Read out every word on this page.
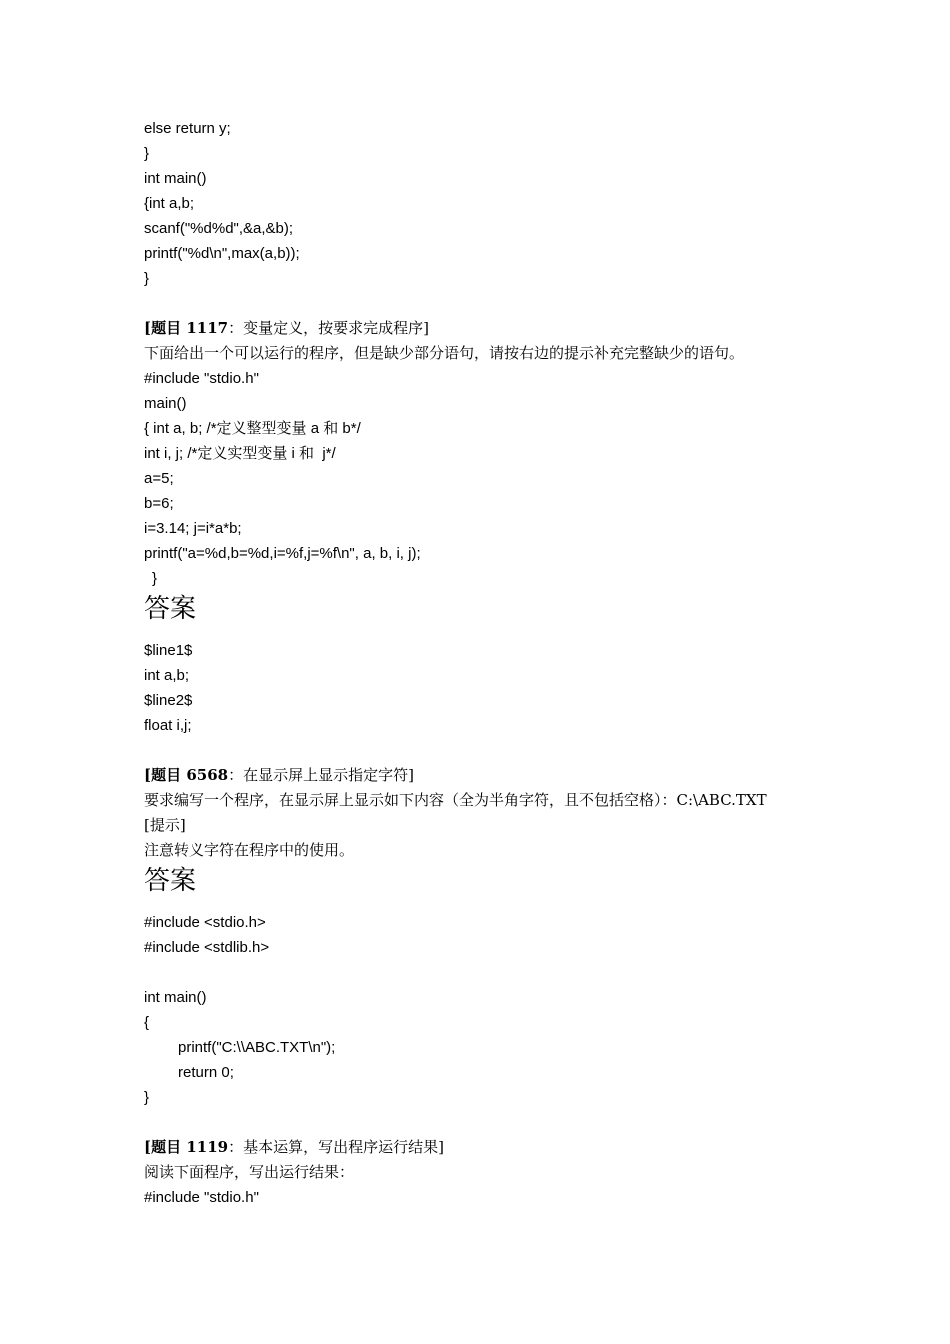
else return y;
}
int main()
{int a,b;
scanf("%d%d",&a,&b);
printf("%d\n",max(a,b));
}
[题目 1117：变量定义，按要求完成程序]
下面给出一个可以运行的程序，但是缺少部分语句，请按右边的提示补充完整缺少的语句。
#include "stdio.h"
main()
{ int a, b; /*定义整型变量 a 和 b*/
int i, j; /*定义实型变量 i 和  j*/
a=5;
b=6;
i=3.14; j=i*a*b;
printf("a=%d,b=%d,i=%f,j=%f\n", a, b, i, j);
}
答案
$line1$
int a,b;
$line2$
float i,j;
[题目 6568：在显示屏上显示指定字符]
要求编写一个程序，在显示屏上显示如下内容（全为半角字符，且不包括空格）：C:\ABC.TXT
[提示]
注意转义字符在程序中的使用。
答案
#include <stdio.h>
#include <stdlib.h>
int main()
{
printf("C:\\ABC.TXT\n");
return 0;
}
[题目 1119：基本运算，写出程序运行结果]
阅读下面程序，写出运行结果：
#include "stdio.h"
